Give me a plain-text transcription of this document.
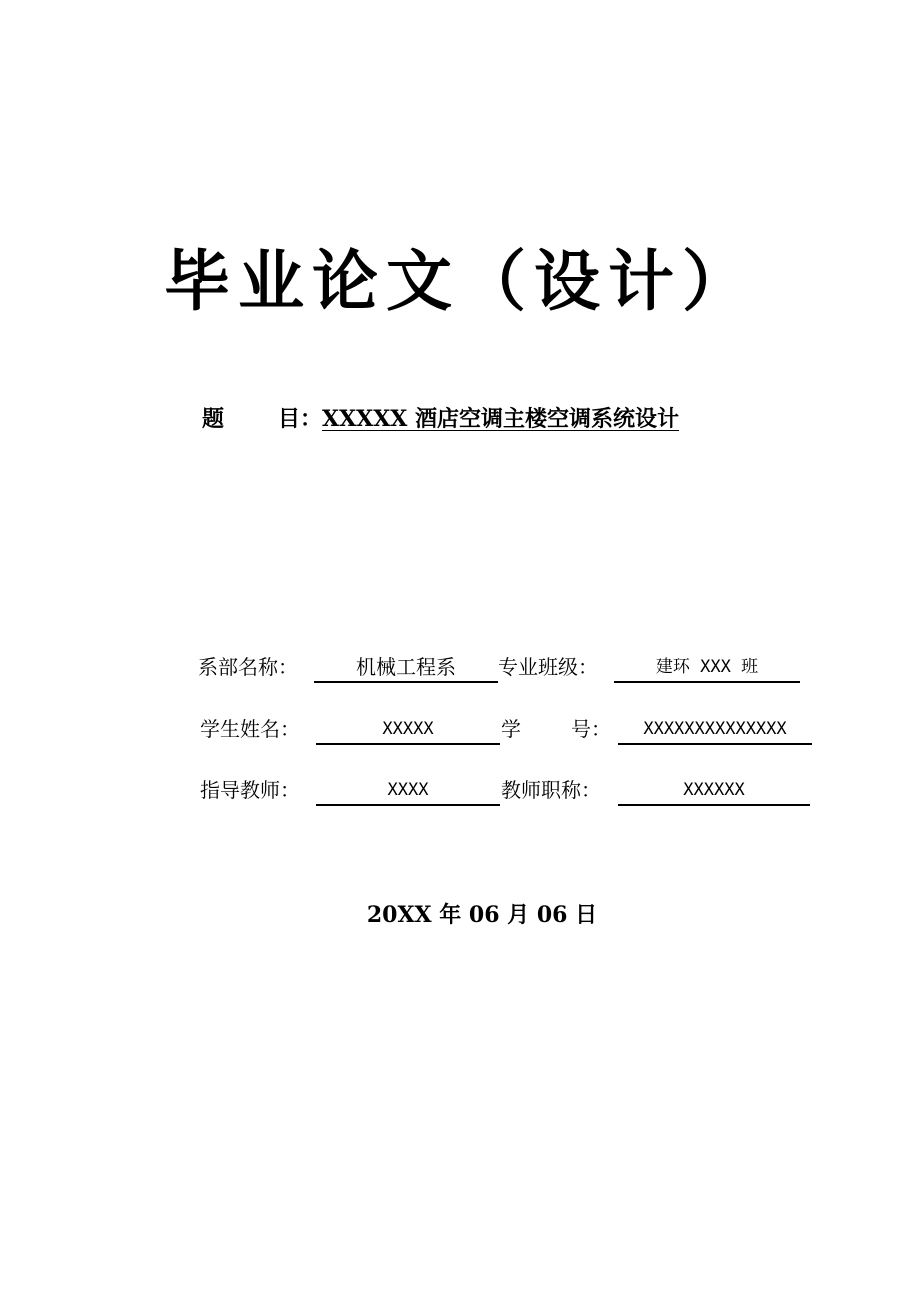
毕业论文（设计）
题 目：XXXXX 酒店空调主楼空调系统设计
系部名称：	机械工程系	专业班级：	建环 XXX 班
学生姓名：	XXXXX	学	号：	XXXXXXXXXXXXXX
指导教师：	XXXX	教师职称：	XXXXXX
20XX 年 06 月 06 日
